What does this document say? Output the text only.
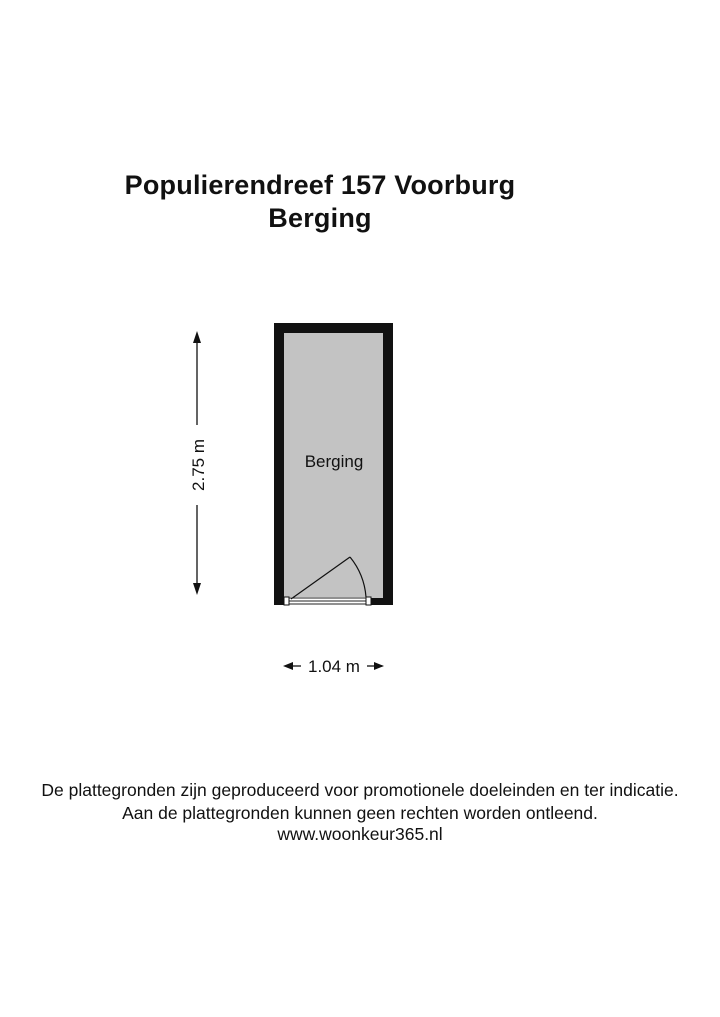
Populierendreef 157 Voorburg
Berging
Berging
2.75 m
1.04 m
De plattegronden zijn geproduceerd voor promotionele doeleinden en ter indicatie.
Aan de plattegronden kunnen geen rechten worden ontleend.
www.woonkeur365.nl
